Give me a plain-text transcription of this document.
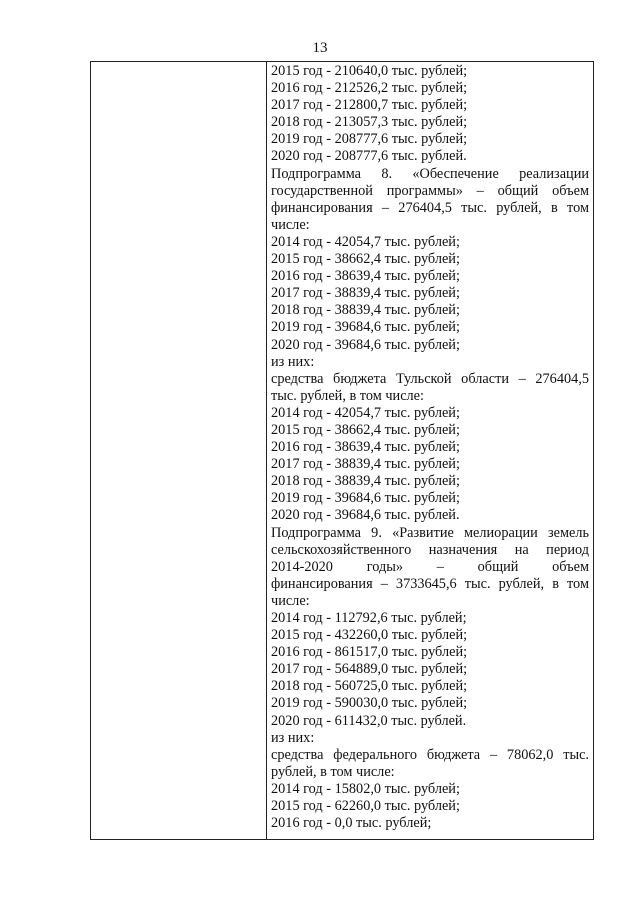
13
2015 год - 210640,0 тыс. рублей;
2016 год - 212526,2 тыс. рублей;
2017 год - 212800,7 тыс. рублей;
2018 год - 213057,3 тыс. рублей;
2019 год - 208777,6 тыс. рублей;
2020 год - 208777,6 тыс. рублей.
Подпрограмма 8. «Обеспечение реализации
государственной программы» – общий объем
финансирования – 276404,5 тыс. рублей, в том
числе:
2014 год - 42054,7 тыс. рублей;
2015 год - 38662,4 тыс. рублей;
2016 год - 38639,4 тыс. рублей;
2017 год - 38839,4 тыс. рублей;
2018 год - 38839,4 тыс. рублей;
2019 год - 39684,6 тыс. рублей;
2020 год - 39684,6 тыс. рублей;
из них:
средства бюджета Тульской области – 276404,5
тыс. рублей, в том числе:
2014 год - 42054,7 тыс. рублей;
2015 год - 38662,4 тыс. рублей;
2016 год - 38639,4 тыс. рублей;
2017 год - 38839,4 тыс. рублей;
2018 год - 38839,4 тыс. рублей;
2019 год - 39684,6 тыс. рублей;
2020 год - 39684,6 тыс. рублей.
Подпрограмма 9. «Развитие мелиорации земель
сельскохозяйственного назначения на период
2014-2020 годы» – общий объем
финансирования – 3733645,6 тыс. рублей, в том
числе:
2014 год - 112792,6 тыс. рублей;
2015 год - 432260,0 тыс. рублей;
2016 год - 861517,0 тыс. рублей;
2017 год - 564889,0 тыс. рублей;
2018 год - 560725,0 тыс. рублей;
2019 год - 590030,0 тыс. рублей;
2020 год - 611432,0 тыс. рублей.
из них:
средства федерального бюджета – 78062,0 тыс.
рублей, в том числе:
2014 год - 15802,0 тыс. рублей;
2015 год - 62260,0 тыс. рублей;
2016 год - 0,0 тыс. рублей;
